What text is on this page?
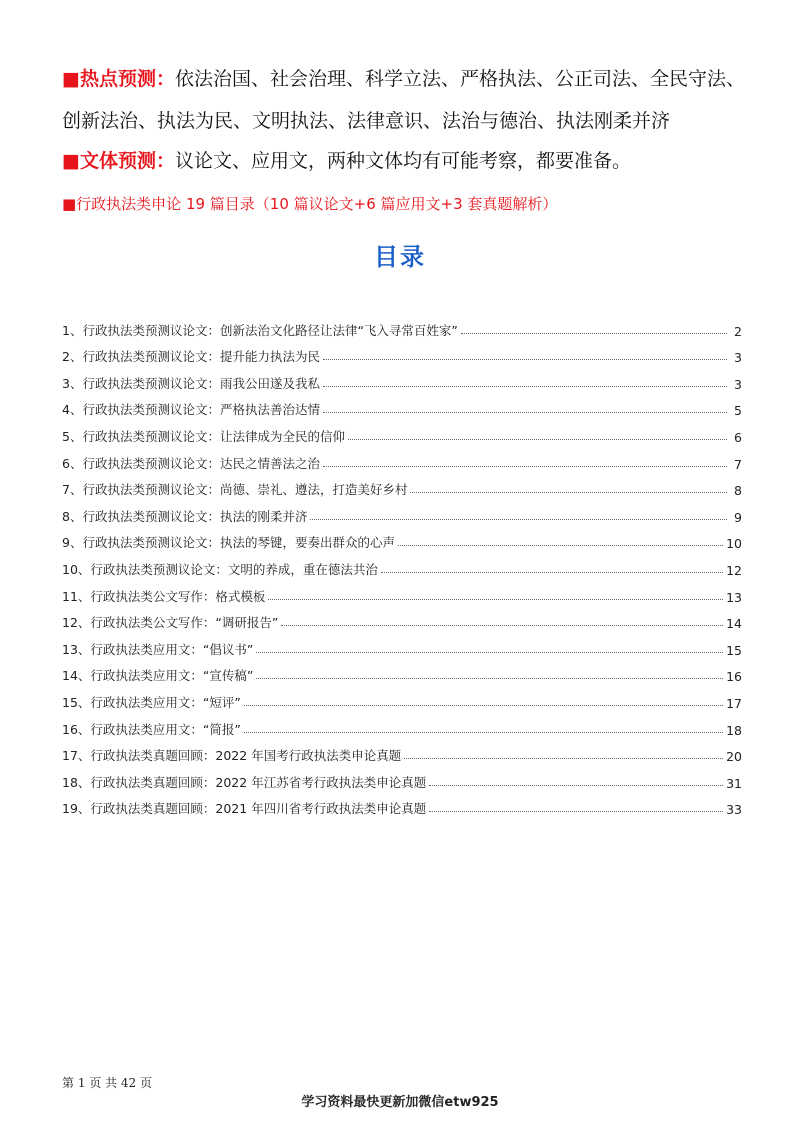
■热点预测：依法治国、社会治理、科学立法、严格执法、公正司法、全民守法、创新法治、执法为民、文明执法、法律意识、法治与德治、执法刚柔并济
■文体预测：议论文、应用文，两种文体均有可能考察，都要准备。
■行政执法类申论 19 篇目录（10 篇议论文+6 篇应用文+3 套真题解析）
目录
1、行政执法类预测议论文：创新法治文化路径让法律“飞入寻常百姓家”	2
2、行政执法类预测议论文：提升能力执法为民	3
3、行政执法类预测议论文：雨我公田遂及我私	3
4、行政执法类预测议论文：严格执法善治达情	5
5、行政执法类预测议论文：让法律成为全民的信仰	6
6、行政执法类预测议论文：达民之情善法之治	7
7、行政执法类预测议论文：尚德、崇礼、遵法，打造美好乡村	8
8、行政执法类预测议论文：执法的刚柔并济	9
9、行政执法类预测议论文：执法的琴键，要奏出群众的心声	10
10、行政执法类预测议论文：文明的养成，重在德法共治	12
11、行政执法类公文写作：格式模板	13
12、行政执法类公文写作：“调研报告”	14
13、行政执法类应用文：“倡议书”	15
14、行政执法类应用文：“宣传稿”	16
15、行政执法类应用文：“短评”	17
16、行政执法类应用文：“简报”	18
17、行政执法类真题回顾：2022 年国考行政执法类申论真题	20
18、行政执法类真题回顾：2022 年江苏省考行政执法类申论真题	31
19、行政执法类真题回顾：2021 年四川省考行政执法类申论真题	33
第 1 页 共 42 页
学习资料最快更新加微信etw925
